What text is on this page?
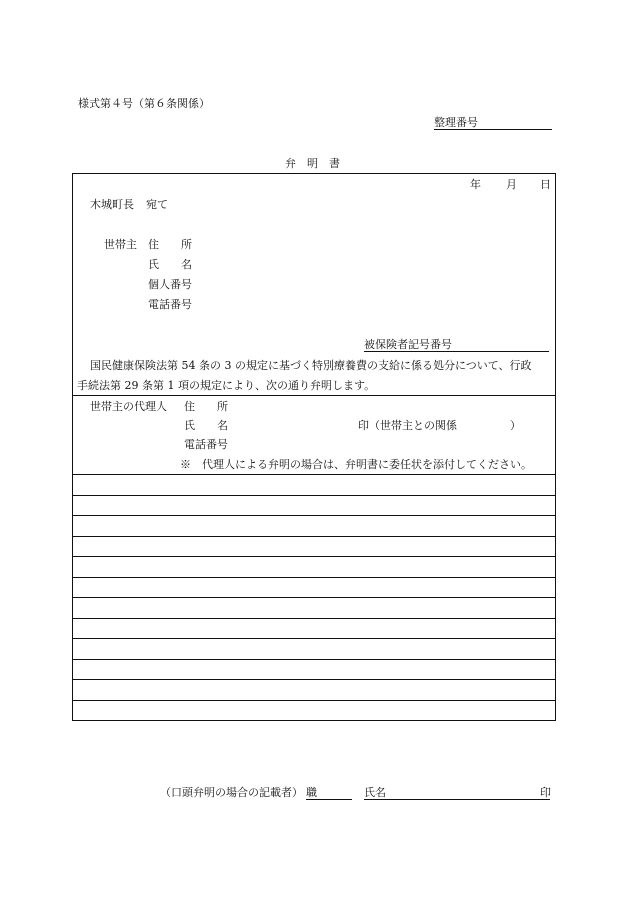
様式第４号（第６条関係）
整理番号
弁　明　書
年 月 日
木城町長 宛て
世帯主 住　　所
氏　　名
個人番号
電話番号
被保険者記号番号
国民健康保険法第 54 条の 3 の規定に基づく特別療養費の支給に係る処分について、行政
手続法第 29 条第 1 項の規定により、次の通り弁明します。
世帯主の代理人 住　　所
氏　　名	印（世帯主との関係	）
電話番号
※　代理人による弁明の場合は、弁明書に委任状を添付してください。
（口頭弁明の場合の記載者） 職	氏名	印
